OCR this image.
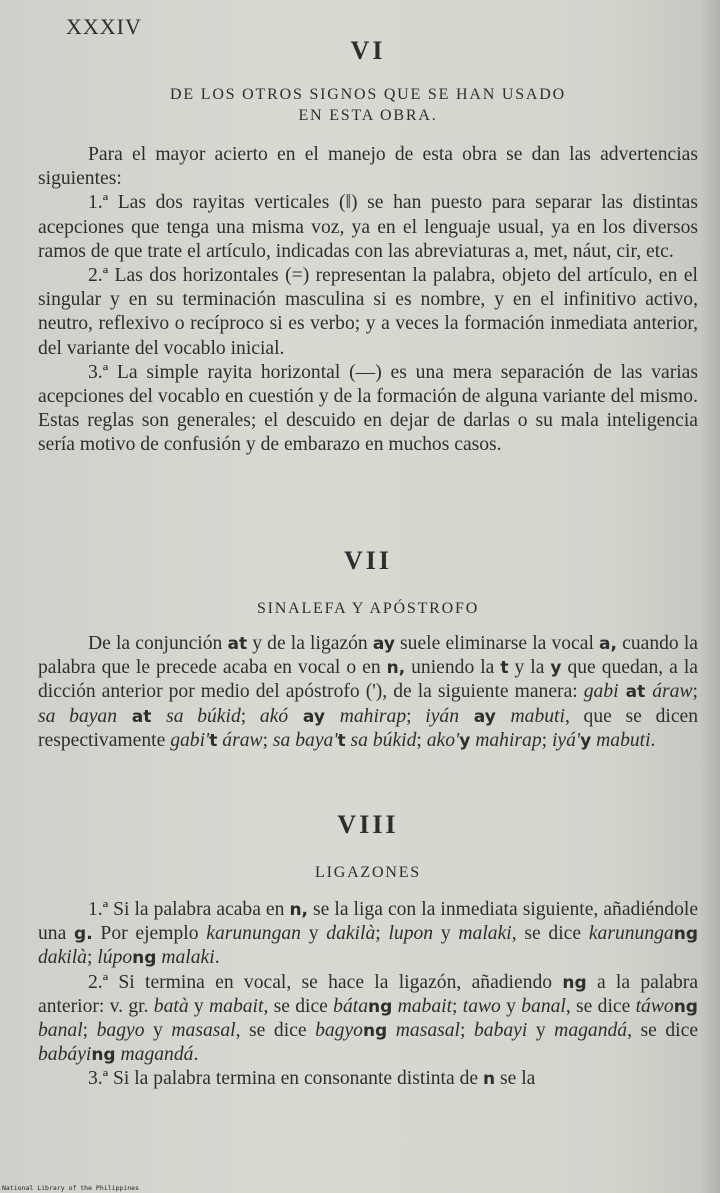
XXXIV
VI
DE LOS OTROS SIGNOS QUE SE HAN USADO
EN ESTA OBRA.

Para el mayor acierto en el manejo de esta obra se dan las advertencias siguientes:

1.ª Las dos rayitas verticales (‖) se han puesto para separar las distintas acepciones que tenga una misma voz, ya en el lenguaje usual, ya en los diversos ramos de que trate el artículo, indicadas con las abreviaturas a, met, náut, cir, etc.

2.ª Las dos horizontales (=) representan la palabra, objeto del artículo, en el singular y en su terminación masculina si es nombre, y en el infinitivo activo, neutro, reflexivo o recíproco si es verbo; y a veces la formación inmediata anterior, del variante del vocablo inicial.

3.ª La simple rayita horizontal (—) es una mera separación de las varias acepciones del vocablo en cuestión y de la formación de alguna variante del mismo. Estas reglas son generales; el descuido en dejar de darlas o su mala inteligencia sería motivo de confusión y de embarazo en muchos casos.

VII
SINALEFA Y APÓSTROFO

De la conjunción at y de la ligazón ay suele eliminarse la vocal a, cuando la palabra que le precede acaba en vocal o en n, uniendo la t y la y que quedan, a la dicción anterior por medio del apóstrofo ('), de la siguiente manera: gabi at áraw; sa bayan at sa búkid; akó ay mahirap; iyán ay mabuti, que se dicen respectivamente gabi't áraw; sa baya't sa búkid; ako'y mahirap; iyá'y mabuti.

VIII
LIGAZONES

1.ª Si la palabra acaba en n, se la liga con la inmediata siguiente, añadiéndole una g. Por ejemplo karunungan y dakilà; lupon y malaki, se dice karunungang dakilà; lúpong malaki.

2.ª Si termina en vocal, se hace la ligazón, añadiendo ng a la palabra anterior: v. gr. batà y mabait, se dice bátang mabait; tawo y banal, se dice táwong banal; bagyo y masasal, se dice bagyong masasal; babayi y magandá, se dice babáying magandá.

3.ª Si la palabra termina en consonante distinta de n se la

National Library of the Philippines
